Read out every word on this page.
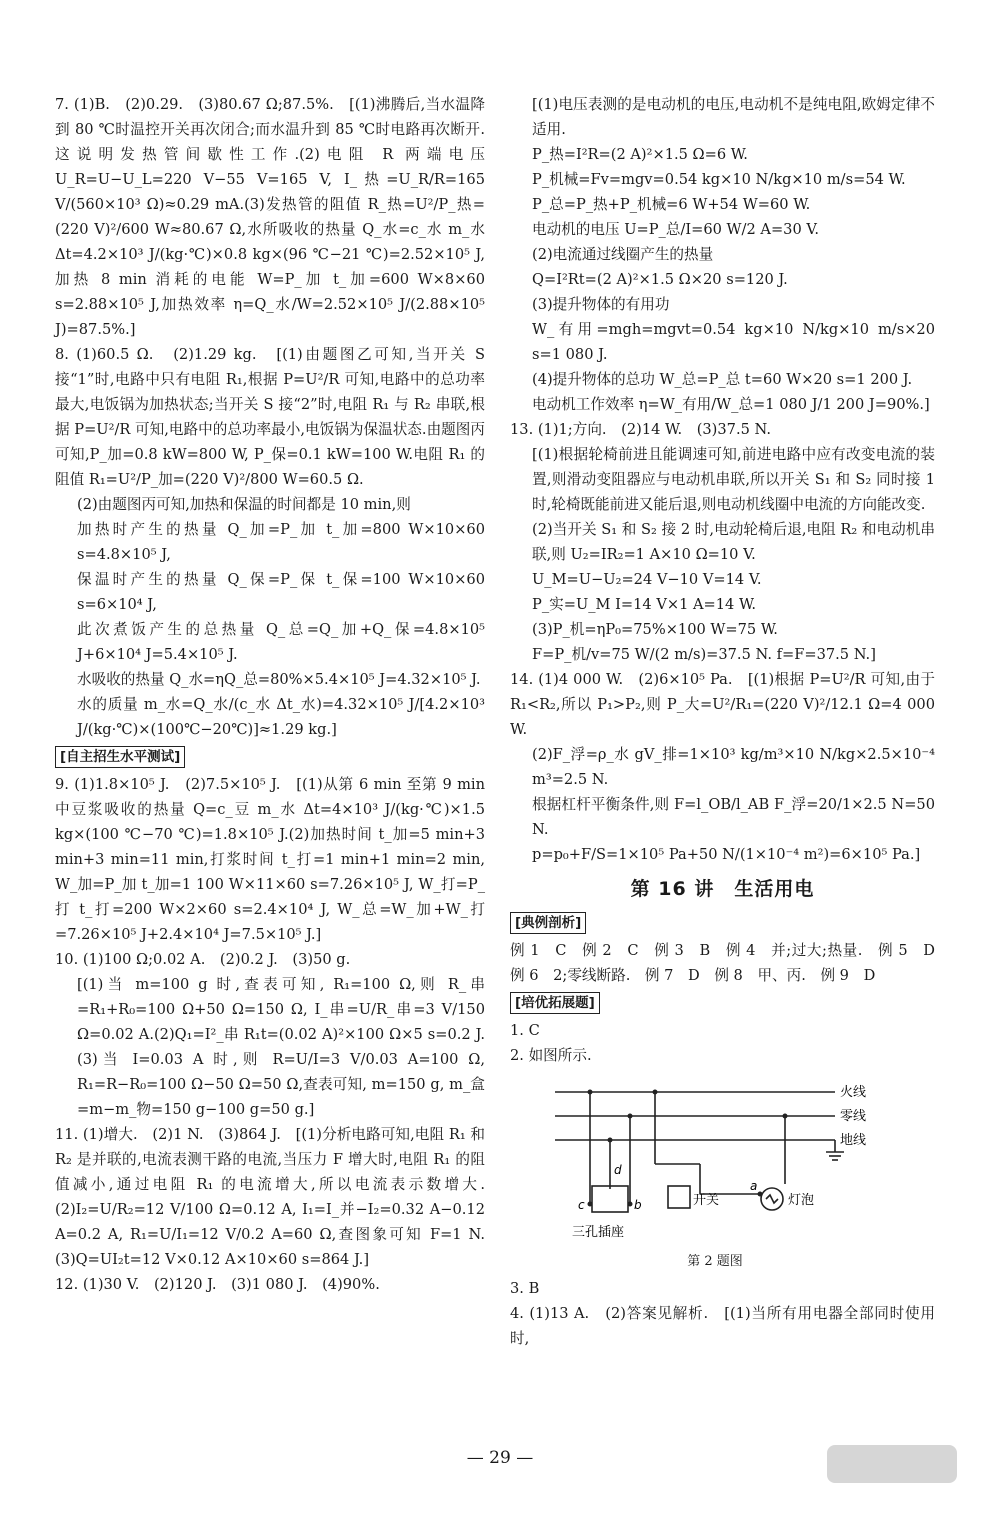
7. (1)B.　(2)0.29.　(3)80.67 Ω;87.5%.　[(1)沸腾后,当水温降到 80 ℃时温控开关再次闭合;而水温升到 85 ℃时电路再次断开.这说明发热管间歇性工作.(2)电阻 R 两端电压 U_R=U−U_L=220 V−55 V=165 V, I_热=U_R/R=165 V/(560×10³ Ω)≈0.29 mA.(3)发热管的阻值 R_热=U²/P_热=(220 V)²/600 W≈80.67 Ω,水所吸收的热量 Q_水=c_水 m_水 Δt=4.2×10³ J/(kg·℃)×0.8 kg×(96 ℃−21 ℃)=2.52×10⁵ J,加热 8 min 消耗的电能 W=P_加 t_加=600 W×8×60 s=2.88×10⁵ J,加热效率 η=Q_水/W=2.52×10⁵ J/(2.88×10⁵ J)=87.5%.]
8. (1)60.5 Ω.　(2)1.29 kg.　[(1)由题图乙可知,当开关 S 接“1”时,电路中只有电阻 R₁,根据 P=U²/R 可知,电路中的总功率最大,电饭锅为加热状态;当开关 S 接“2”时,电阻 R₁ 与 R₂ 串联,根据 P=U²/R 可知,电路中的总功率最小,电饭锅为保温状态.由题图丙可知,P_加=0.8 kW=800 W, P_保=0.1 kW=100 W.电阻 R₁ 的阻值 R₁=U²/P_加=(220 V)²/800 W=60.5 Ω.
(2)由题图丙可知,加热和保温的时间都是 10 min,则
加热时产生的热量 Q_加=P_加 t_加=800 W×10×60 s=4.8×10⁵ J,
保温时产生的热量 Q_保=P_保 t_保=100 W×10×60 s=6×10⁴ J,
此次煮饭产生的总热量 Q_总=Q_加+Q_保=4.8×10⁵ J+6×10⁴ J=5.4×10⁵ J.
水吸收的热量 Q_水=ηQ_总=80%×5.4×10⁵ J=4.32×10⁵ J.
水的质量 m_水=Q_水/(c_水 Δt_水)=4.32×10⁵ J/[4.2×10³ J/(kg·℃)×(100℃−20℃)]≈1.29 kg.]
[自主招生水平测试]
9. (1)1.8×10⁵ J.　(2)7.5×10⁵ J.　[(1)从第 6 min 至第 9 min 中豆浆吸收的热量 Q=c_豆 m_水 Δt=4×10³ J/(kg·℃)×1.5 kg×(100 ℃−70 ℃)=1.8×10⁵ J.(2)加热时间 t_加=5 min+3 min+3 min=11 min,打浆时间 t_打=1 min+1 min=2 min, W_加=P_加 t_加=1 100 W×11×60 s=7.26×10⁵ J, W_打=P_打 t_打=200 W×2×60 s=2.4×10⁴ J, W_总=W_加+W_打=7.26×10⁵ J+2.4×10⁴ J=7.5×10⁵ J.]
10. (1)100 Ω;0.02 A.　(2)0.2 J.　(3)50 g.
[(1)当 m=100 g 时,查表可知, R₁=100 Ω,则 R_串=R₁+R₀=100 Ω+50 Ω=150 Ω, I_串=U/R_串=3 V/150 Ω=0.02 A.(2)Q₁=I²_串 R₁t=(0.02 A)²×100 Ω×5 s=0.2 J.(3)当 I=0.03 A 时,则 R=U/I=3 V/0.03 A=100 Ω, R₁=R−R₀=100 Ω−50 Ω=50 Ω,查表可知, m=150 g, m_盒=m−m_物=150 g−100 g=50 g.]
11. (1)增大.　(2)1 N.　(3)864 J.　[(1)分析电路可知,电阻 R₁ 和 R₂ 是并联的,电流表测干路的电流,当压力 F 增大时,电阻 R₁ 的阻值减小,通过电阻 R₁ 的电流增大,所以电流表示数增大.(2)I₂=U/R₂=12 V/100 Ω=0.12 A, I₁=I_并−I₂=0.32 A−0.12 A=0.2 A, R₁=U/I₁=12 V/0.2 A=60 Ω,查图象可知 F=1 N.(3)Q=UI₂t=12 V×0.12 A×10×60 s=864 J.]
12. (1)30 V.　(2)120 J.　(3)1 080 J.　(4)90%.
[(1)电压表测的是电动机的电压,电动机不是纯电阻,欧姆定律不适用.
P_热=I²R=(2 A)²×1.5 Ω=6 W.
P_机械=Fv=mgv=0.54 kg×10 N/kg×10 m/s=54 W.
P_总=P_热+P_机械=6 W+54 W=60 W.
电动机的电压 U=P_总/I=60 W/2 A=30 V.
(2)电流通过线圈产生的热量
Q=I²Rt=(2 A)²×1.5 Ω×20 s=120 J.
(3)提升物体的有用功
W_有用=mgh=mgvt=0.54 kg×10 N/kg×10 m/s×20 s=1 080 J.
(4)提升物体的总功 W_总=P_总 t=60 W×20 s=1 200 J.
电动机工作效率 η=W_有用/W_总=1 080 J/1 200 J=90%.]
13. (1)1;方向.　(2)14 W.　(3)37.5 N.
[(1)根据轮椅前进且能调速可知,前进电路中应有改变电流的装置,则滑动变阻器应与电动机串联,所以开关 S₁ 和 S₂ 同时接 1 时,轮椅既能前进又能后退,则电动机线圈中电流的方向能改变.
(2)当开关 S₁ 和 S₂ 接 2 时,电动轮椅后退,电阻 R₂ 和电动机串联,则 U₂=IR₂=1 A×10 Ω=10 V.
U_M=U−U₂=24 V−10 V=14 V.
P_实=U_M I=14 V×1 A=14 W.
(3)P_机=ηP₀=75%×100 W=75 W.
F=P_机/v=75 W/(2 m/s)=37.5 N. f=F=37.5 N.]
14. (1)4 000 W.　(2)6×10⁵ Pa.　[(1)根据 P=U²/R 可知,由于 R₁<R₂,所以 P₁>P₂,则 P_大=U²/R₁=(220 V)²/12.1 Ω=4 000 W.
(2)F_浮=ρ_水 gV_排=1×10³ kg/m³×10 N/kg×2.5×10⁻⁴ m³=2.5 N.
根据杠杆平衡条件,则 F=l_OB/l_AB F_浮=20/1×2.5 N=50 N.
p=p₀+F/S=1×10⁵ Pa+50 N/(1×10⁻⁴ m²)=6×10⁵ Pa.]
第 16 讲　生活用电
[典例剖析]
例 1　C　例 2　C　例 3　B　例 4　并;过大;热量.　例 5　D　例 6　2;零线断路.　例 7　D　例 8　甲、丙.　例 9　D
[培优拓展题]
1. C
2. 如图所示.
火线
零线
地线
三孔插座
开关	灯泡
a
b
c
d
第 2 题图
3. B
4. (1)13 A.　(2)答案见解析.　[(1)当所有用电器全部同时使用时,
— 29 —
